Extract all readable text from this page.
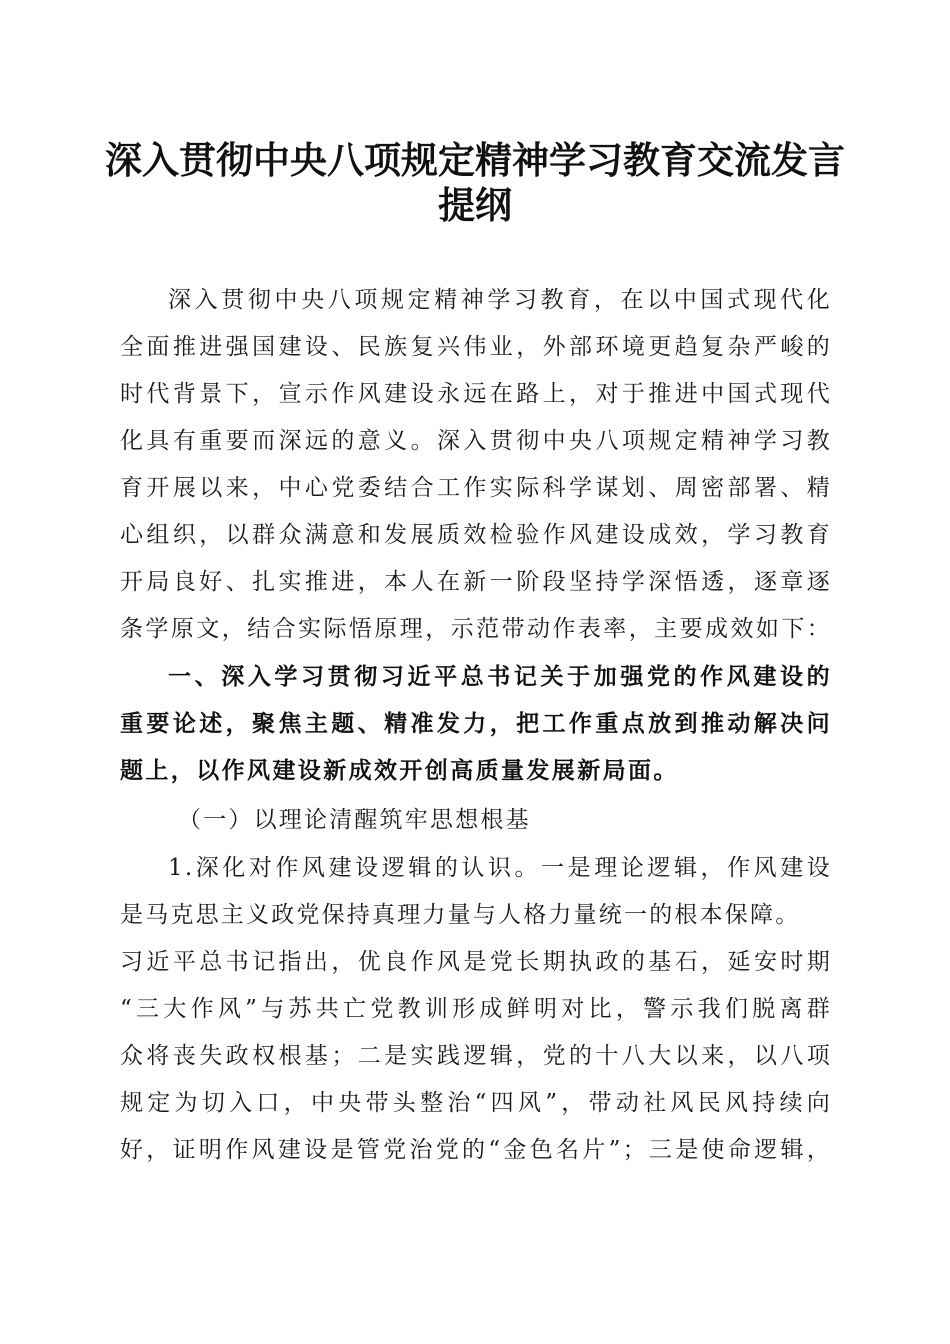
深入贯彻中央八项规定精神学习教育交流发言
提纲
深入贯彻中央八项规定精神学习教育，在以中国式现代化
全面推进强国建设、民族复兴伟业，外部环境更趋复杂严峻的
时代背景下，宣示作风建设永远在路上，对于推进中国式现代
化具有重要而深远的意义。深入贯彻中央八项规定精神学习教
育开展以来，中心党委结合工作实际科学谋划、周密部署、精
心组织，以群众满意和发展质效检验作风建设成效，学习教育
开局良好、扎实推进，本人在新一阶段坚持学深悟透，逐章逐
条学原文，结合实际悟原理，示范带动作表率，主要成效如下：
一、深入学习贯彻习近平总书记关于加强党的作风建设的
重要论述，聚焦主题、精准发力，把工作重点放到推动解决问
题上，以作风建设新成效开创高质量发展新局面。
（一）以理论清醒筑牢思想根基
1.深化对作风建设逻辑的认识。一是理论逻辑，作风建设
是马克思主义政党保持真理力量与人格力量统一的根本保障。
习近平总书记指出，优良作风是党长期执政的基石，延安时期
“三大作风”与苏共亡党教训形成鲜明对比，警示我们脱离群
众将丧失政权根基；二是实践逻辑，党的十八大以来，以八项
规定为切入口，中央带头整治“四风”，带动社风民风持续向
好，证明作风建设是管党治党的“金色名片”；三是使命逻辑，
